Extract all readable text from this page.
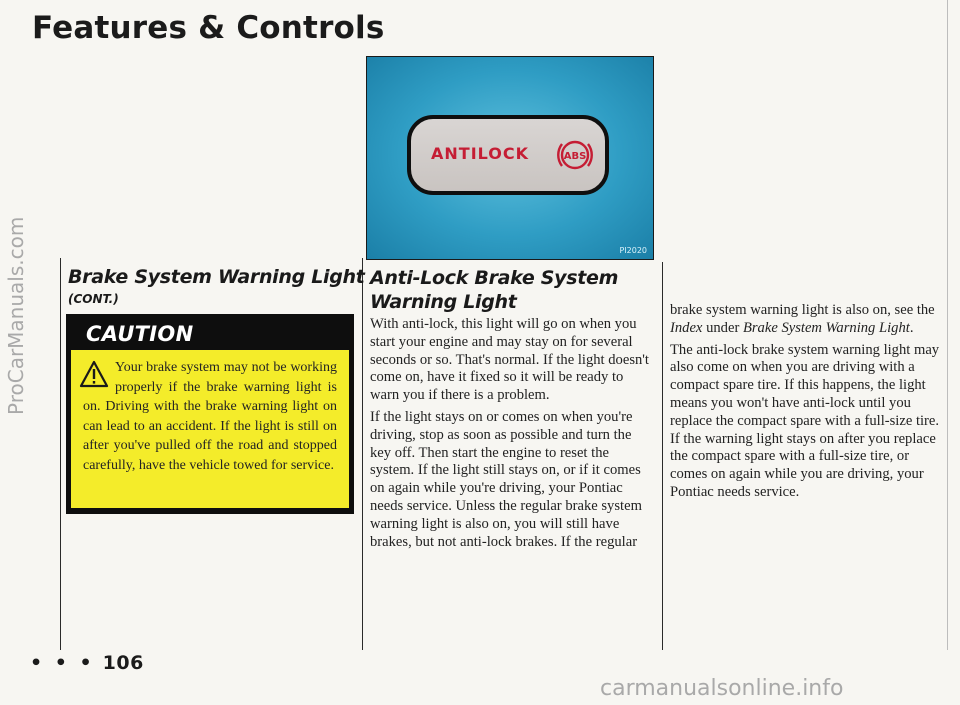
ProCarManuals.com
carmanualsonline.info
Features & Controls
ANTILOCK	ABS
PI2020
Brake System Warning Light
(CONT.)
CAUTION
Your brake system may not be working properly if the brake warning light is on. Driving with the brake warning light on can lead to an accident. If the light is still on after you've pulled off the road and stopped carefully, have the vehicle towed for service.
Anti-Lock Brake System Warning Light

With anti-lock, this light will go on when you start your engine and may stay on for several seconds or so. That's normal. If the light doesn't come on, have it fixed so it will be ready to warn you if there is a problem.

If the light stays on or comes on when you're driving, stop as soon as possible and turn the key off. Then start the engine to reset the system. If the light still stays on, or if it comes on again while you're driving, your Pontiac needs service. Unless the regular brake system warning light is also on, you will still have brakes, but not anti-lock brakes. If the regular

brake system warning light is also on, see the Index under Brake System Warning Light.

The anti-lock brake system warning light may also come on when you are driving with a compact spare tire. If this happens, the light means you won't have anti-lock until you replace the compact spare with a full-size tire. If the warning light stays on after you replace the compact spare with a full-size tire, or comes on again while you are driving, your Pontiac needs service.

• • • 106
